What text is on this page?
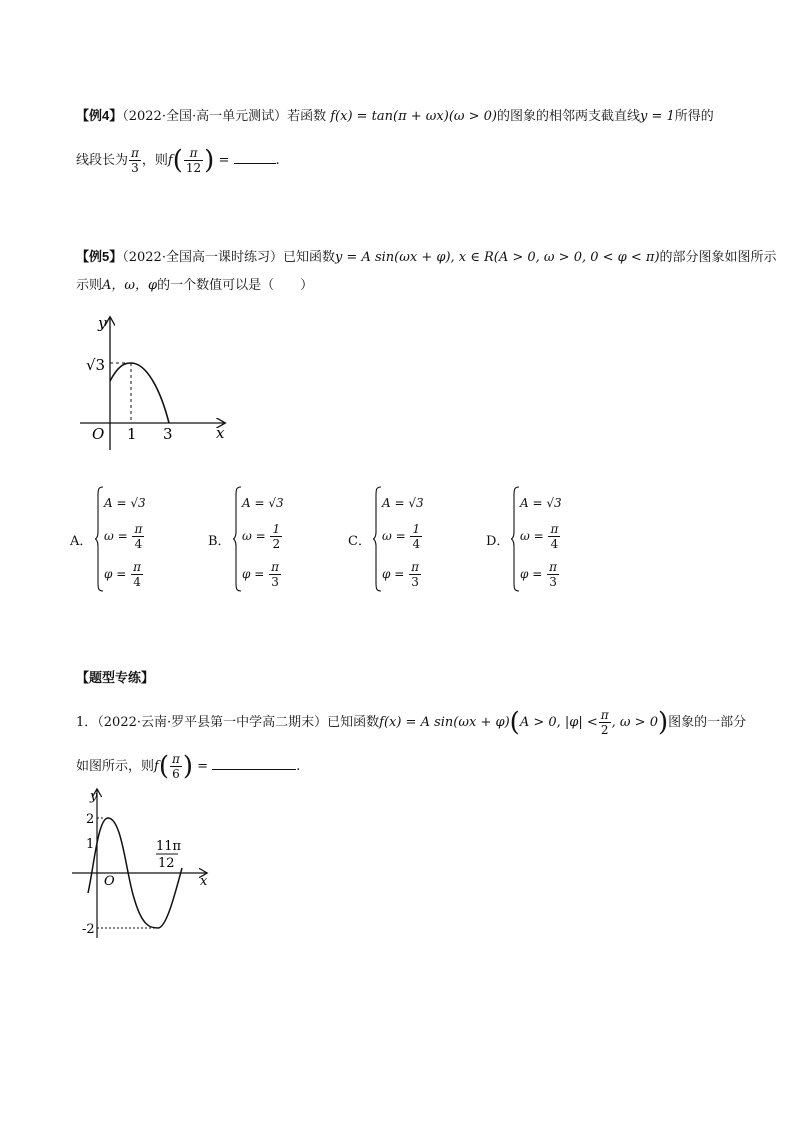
【例4】（2022·全国·高一单元测试）若函数 f(x) = tan(π + ωx)(ω > 0)的图象的相邻两支截直线y = 1所得的
线段长为 $\frac{\pi}{3}$ ，则$f( \frac{\pi}{12}$ ) =	.
【例5】（2022·全国高一课时练习）已知函数y = A sin(ωx + φ), x ∈ R(A > 0, ω > 0, 0 < φ < π)的部分图象如图所示
示则A，ω，φ的一个数值可以是（　　）
y
x
O
√3
1 3
A．
A = √3
$\omega = \frac{\pi}{4}$
$\varphi = \frac{\pi}{4}$
B．
A = √3
$\omega = \frac{1}{2}$
$\varphi = \frac{\pi}{3}$
C．
A = √3
$\omega = \frac{1}{4}$
$\varphi = \frac{\pi}{3}$
D．
A = √3
$\omega = \frac{\pi}{4}$
$\varphi = \frac{\pi}{3}$
【题型专练】
1．（2022·云南·罗平县第一中学高二期末）已知函数f(x) = A sin(ωx + φ)(A > 0, $|\varphi| < \frac{\pi}{2}$ , ω > 0)图象的一部分
如图所示，则$f( \frac{\pi}{6}$ ) =	.
y
x
O
2
1
-2
11π
12
